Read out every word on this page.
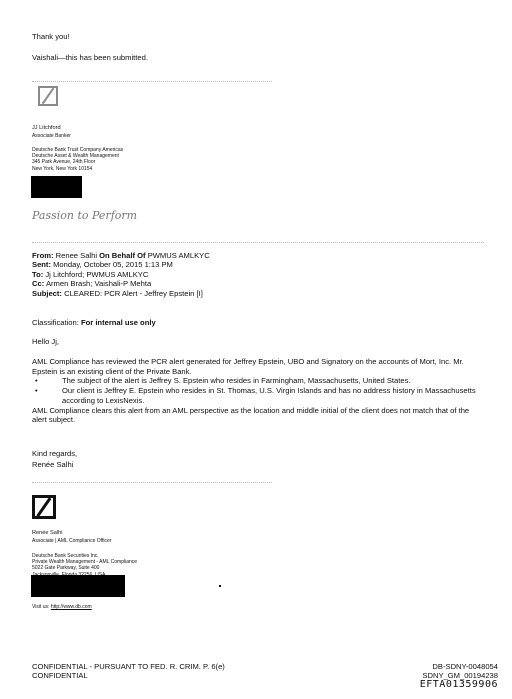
Thank you!
Vaishali—this has been submitted.
JJ Litchford
Associate Banker
Deutsche Bank Trust Company Americas
Deutsche Asset & Wealth Management
345 Park Avenue, 24th Floor
New York, New York 10154
Passion to Perform
From: Renee Salhi On Behalf Of PWMUS AMLKYC
Sent: Monday, October 05, 2015 1:13 PM
To: Jj Litchford; PWMUS AMLKYC
Cc: Armen Brash; Vaishali-P Mehta
Subject: CLEARED: PCR Alert - Jeffrey Epstein [I]
Classification: For internal use only
Hello Jj,
AML Compliance has reviewed the PCR alert generated for Jeffrey Epstein, UBO and Signatory on the accounts of Mort, Inc. Mr. Epstein is an existing client of the Private Bank.
• The subject of the alert is Jeffrey S. Epstein who resides in Farmingham, Massachusetts, United States.
• Our client is Jeffrey E. Epstein who resides in St. Thomas, U.S. Virgin Islands and has no address history in Massachusetts according to LexisNexis.
AML Compliance clears this alert from an AML perspective as the location and middle initial of the client does not match that of the alert subject.
Kind regards,
Renée Salhi
Renée Salhi
Associate | AML Compliance Officer
Deutsche Bank Securities Inc.
Private Wealth Management - AML Compliance
5022 Gate Parkway, Suite 400
Visit us: http://www.db.com
CONFIDENTIAL - PURSUANT TO FED. R. CRIM. P. 6(e)
CONFIDENTIAL
DB-SDNY-0048054
SDNY_GM_00194238
EFTA01359906
